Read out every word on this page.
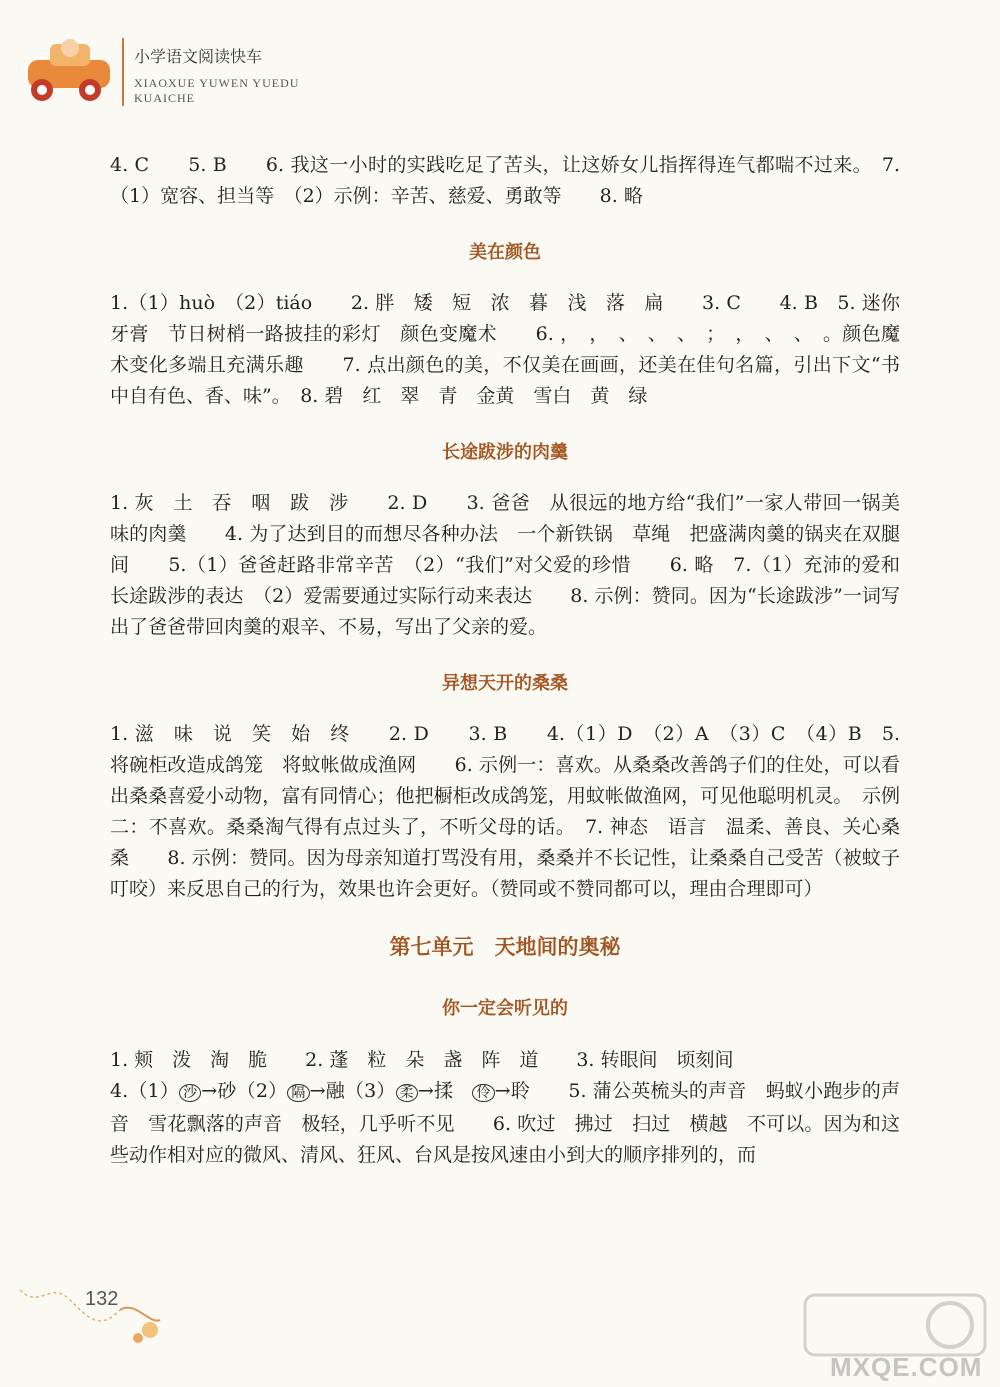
小学语文阅读快车
XIAOXUE YUWEN YUEDU KUAICHE

4. C　　5. B　　6. 我这一小时的实践吃足了苦头，让这娇女儿指挥得连气都喘不过来。　7.（1）宽容、担当等　（2）示例：辛苦、慈爱、勇敢等　　8. 略

美在颜色

1.（1）huò　（2）tiáo　　2. 胖　矮　短　浓　暮　浅　落　扁　　3. C　　4. B　5. 迷你牙膏　节日树梢一路披挂的彩灯　颜色变魔术　　6. ，　，　、　、　、　；　，　、　、　。颜色魔术变化多端且充满乐趣　　7. 点出颜色的美，不仅美在画画，还美在佳句名篇，引出下文“书中自有色、香、味”。　8. 碧　红　翠　青　金黄　雪白　黄　绿

长途跋涉的肉羹

1. 灰　土　吞　咽　跋　涉　　2. D　　3. 爸爸　从很远的地方给“我们”一家人带回一锅美味的肉羹　　4. 为了达到目的而想尽各种办法　一个新铁锅　草绳　把盛满肉羹的锅夹在双腿间　　5.（1）爸爸赶路非常辛苦　（2）“我们”对父爱的珍惜　　6. 略　7.（1）充沛的爱和长途跋涉的表达　（2）爱需要通过实际行动来表达　　8. 示例：赞同。因为“长途跋涉”一词写出了爸爸带回肉羹的艰辛、不易，写出了父亲的爱。

异想天开的桑桑

1. 滋　味　说　笑　始　终　　2. D　　3. B　　4.（1）D　（2）A　（3）C　（4）B　5. 将碗柜改造成鸽笼　将蚊帐做成渔网　　6. 示例一：喜欢。从桑桑改善鸽子们的住处，可以看出桑桑喜爱小动物，富有同情心；他把橱柜改成鸽笼，用蚊帐做渔网，可见他聪明机灵。　示例二：不喜欢。桑桑淘气得有点过头了，不听父母的话。　7. 神态　语言　温柔、善良、关心桑桑　　8. 示例：赞同。因为母亲知道打骂没有用，桑桑并不长记性，让桑桑自己受苦（被蚊子叮咬）来反思自己的行为，效果也许会更好。（赞同或不赞同都可以，理由合理即可）

第七单元　天地间的奥秘

你一定会听见的

1. 颊　泼　淘　脆　　2. 蓬　粒　朵　盏　阵　道　　3. 转眼间　顷刻间

4.（1） 沙 →砂（2） 隔 →融（3） 柔 →揉　 伶 →聆　　 5. 蒲公英梳头的声音　蚂蚁小跑步的声音　雪花飘落的声音　极轻，几乎听不见　　6. 吹过　拂过　扫过　横越　不可以。因为和这些动作相对应的微风、清风、狂风、台风是按风速由小到大的顺序排列的，而

132
MXQE.COM
